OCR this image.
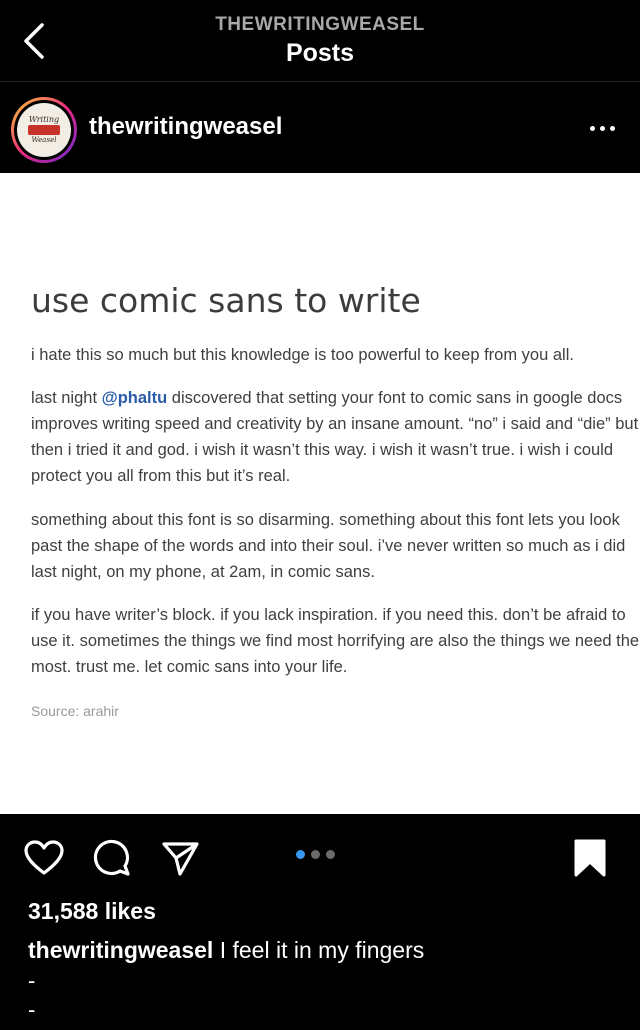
THEWRITINGWEASEL
Posts
Writing
Weasel thewritingweasel
use comic sans to write
i hate this so much but this knowledge is too powerful to keep from you all.
last night @phaltu discovered that setting your font to comic sans in google docs improves writing speed and creativity by an insane amount. “no” i said and “die” but then i tried it and god. i wish it wasn’t this way. i wish it wasn’t true. i wish i could protect you all from this but it’s real.
something about this font is so disarming. something about this font lets you look past the shape of the words and into their soul. i’ve never written so much as i did last night, on my phone, at 2am, in comic sans.
if you have writer’s block. if you lack inspiration. if you need this. don’t be afraid to use it. sometimes the things we find most horrifying are also the things we need the most. trust me. let comic sans into your life.
Source: arahir
31,588 likes
thewritingweasel I feel it in my fingers
-
-
